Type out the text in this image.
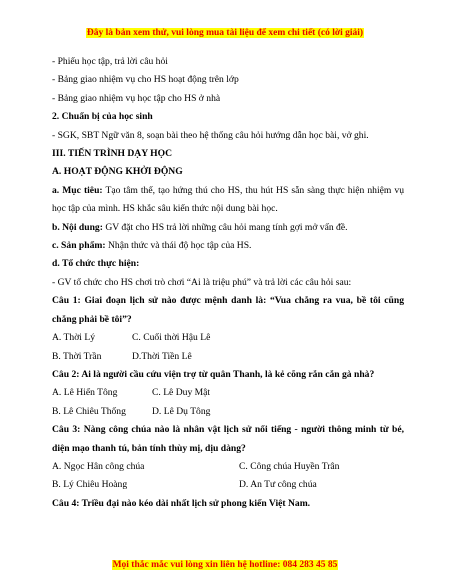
Đây là bản xem thử, vui lòng mua tài liệu để xem chi tiết (có lời giải)
- Phiếu học tập, trả lời câu hỏi
- Bảng giao nhiệm vụ cho HS hoạt động trên lớp
- Bảng giao nhiệm vụ học tập cho HS ở nhà
2. Chuẩn bị của học sinh
- SGK, SBT Ngữ văn 8, soạn bài theo hệ thống câu hỏi hướng dẫn học bài, vở ghi.
III. TIẾN TRÌNH DẠY HỌC
A. HOẠT ĐỘNG KHỞI ĐỘNG
a. Mục tiêu: Tạo tâm thế, tạo hứng thú cho HS, thu hút HS sẵn sàng thực hiện nhiệm vụ học tập của mình. HS khắc sâu kiến thức nội dung bài học.
b. Nội dung: GV đặt cho HS trả lời những câu hỏi mang tính gợi mở vấn đề.
c. Sản phẩm: Nhận thức và thái độ học tập của HS.
d. Tổ chức thực hiện:
- GV tổ chức cho HS chơi trò chơi “Ai là triệu phú” và trả lời các câu hỏi sau:
Câu 1: Giai đoạn lịch sử nào được mệnh danh là: “Vua chẳng ra vua, bề tôi cũng chẳng phải bề tôi”?
A. Thời Lý	C. Cuối thời Hậu Lê
B. Thời Trần	D.Thời Tiền Lê
Câu 2: Ai là người cầu cứu viện trợ từ quân Thanh, là kẻ cõng rắn cắn gà nhà?
A. Lê Hiển Tông	C. Lê Duy Mật
B. Lê Chiêu Thống	D. Lê Dụ Tông
Câu 3: Nàng công chúa nào là nhân vật lịch sử nổi tiếng - người thông minh từ bé, diện mạo thanh tú, bản tính thùy mị, dịu dàng?
A. Ngọc Hân công chúa	C. Công chúa Huyền Trân
B. Lý Chiêu Hoàng	D. An Tư công chúa
Câu 4: Triều đại nào kéo dài nhất lịch sử phong kiến Việt Nam.
Mọi thắc mắc vui lòng xin liên hệ hotline: 084 283 45 85
